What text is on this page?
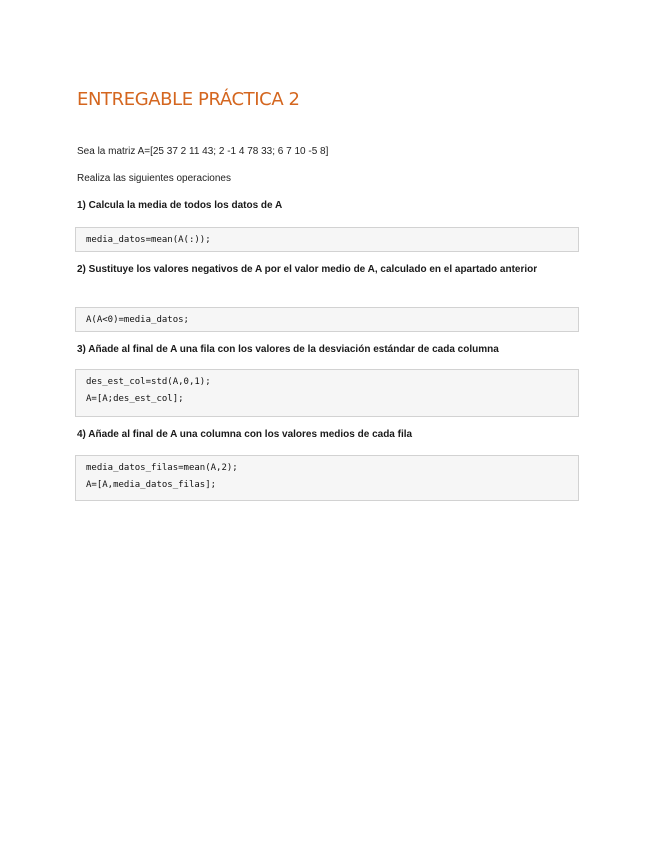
ENTREGABLE PRÁCTICA 2

Sea la matriz A=[25 37 2 11 43; 2 -1 4 78 33; 6 7 10 -5 8]

Realiza las siguientes operaciones

1) Calcula la media de todos los datos de A

media_datos=mean(A(:));

2) Sustituye los valores negativos de A por el valor medio de A, calculado en el apartado anterior

A(A<0)=media_datos;

3) Añade al final de A una fila con los valores de la desviación estándar de cada columna

des_est_col=std(A,0,1);
A=[A;des_est_col];

4) Añade al final de A una columna con los valores medios de cada fila

media_datos_filas=mean(A,2);
A=[A,media_datos_filas];
